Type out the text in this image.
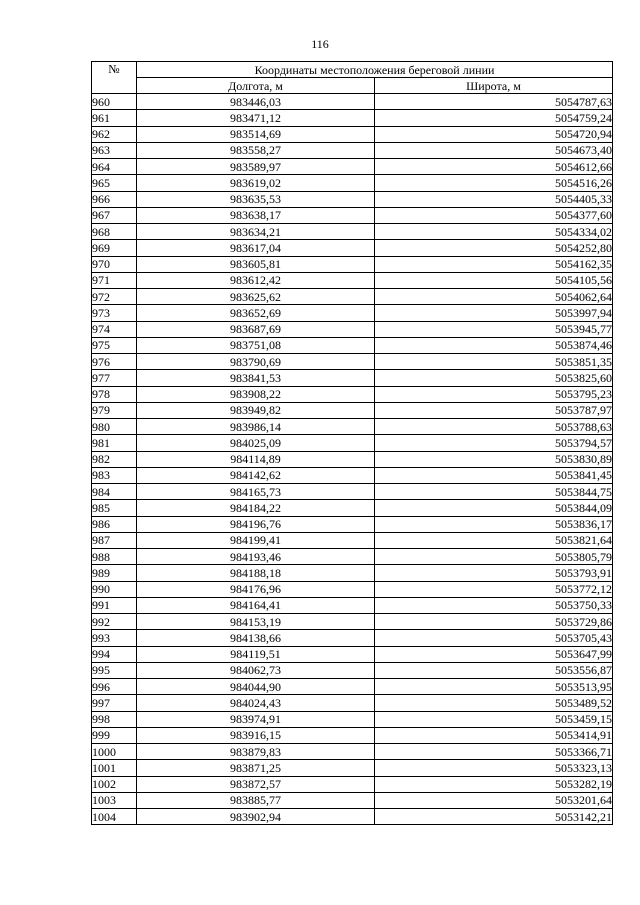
116
№	Координаты местоположения береговой линии	
	Долгота, м	Широта, м
960	983446,03	5054787,63
961	983471,12	5054759,24
962	983514,69	5054720,94
963	983558,27	5054673,40
964	983589,97	5054612,66
965	983619,02	5054516,26
966	983635,53	5054405,33
967	983638,17	5054377,60
968	983634,21	5054334,02
969	983617,04	5054252,80
970	983605,81	5054162,35
971	983612,42	5054105,56
972	983625,62	5054062,64
973	983652,69	5053997,94
974	983687,69	5053945,77
975	983751,08	5053874,46
976	983790,69	5053851,35
977	983841,53	5053825,60
978	983908,22	5053795,23
979	983949,82	5053787,97
980	983986,14	5053788,63
981	984025,09	5053794,57
982	984114,89	5053830,89
983	984142,62	5053841,45
984	984165,73	5053844,75
985	984184,22	5053844,09
986	984196,76	5053836,17
987	984199,41	5053821,64
988	984193,46	5053805,79
989	984188,18	5053793,91
990	984176,96	5053772,12
991	984164,41	5053750,33
992	984153,19	5053729,86
993	984138,66	5053705,43
994	984119,51	5053647,99
995	984062,73	5053556,87
996	984044,90	5053513,95
997	984024,43	5053489,52
998	983974,91	5053459,15
999	983916,15	5053414,91
1000	983879,83	5053366,71
1001	983871,25	5053323,13
1002	983872,57	5053282,19
1003	983885,77	5053201,64
1004	983902,94	5053142,21
